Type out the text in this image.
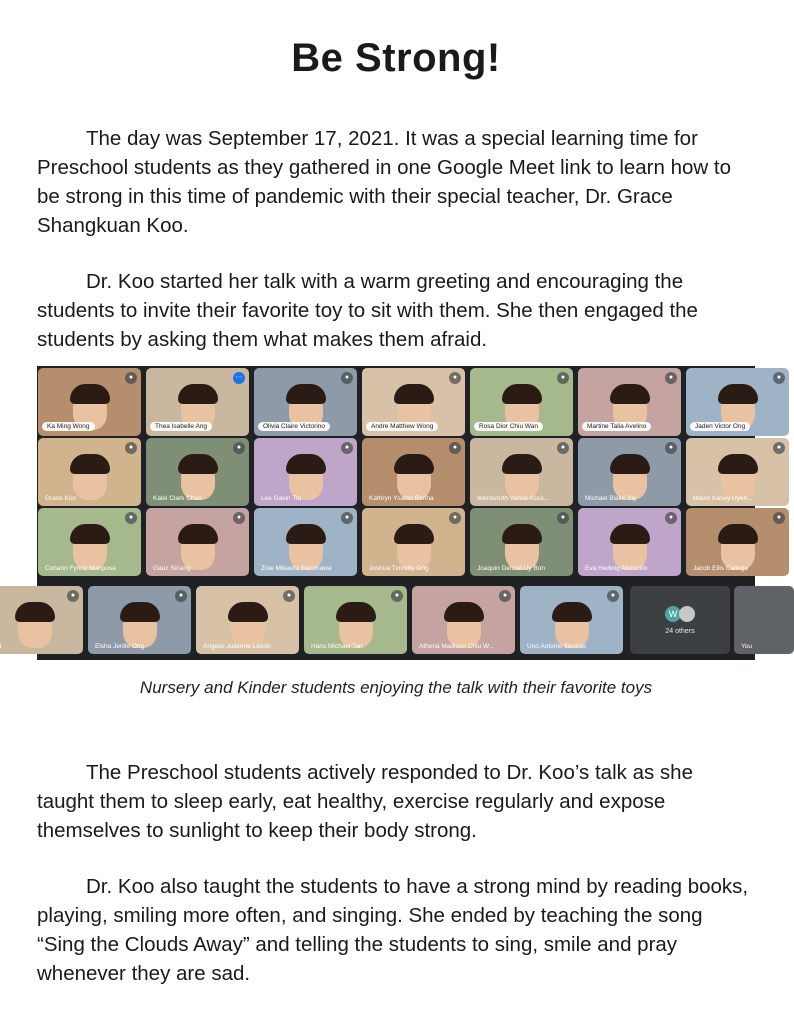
Be Strong!

The day was September 17, 2021. It was a special learning time for Preschool students as they gathered in one Google Meet link to learn how to be strong in this time of pandemic with their special teacher, Dr. Grace Shangkuan Koo.

Dr. Koo started her talk with a warm greeting and encouraging the students to invite their favorite toy to sit with them. She then engaged the students by asking them what makes them afraid.

Ka Ming Wong
●
Thea Isabelle Ang
⋯
Olivia Claire Victorino
●
Andre Matthew Wong
●
Rosa Dior Chiu Wan
●
Martine Talia Avelino
●
Jaden Victor Ong
●
Grace Koo
●
Kalel Clark Chan
●
Lee Gavin Tiu
●
Kathryn Ysabel Berina
●
Wentworth Vance Acca...
●
Michael Blake Siy
●
Mavin Kasey Uyen...
●
Cohann Fynnz Mariposa
●
Gauz Siriang
●
Zoie Mikaella Baconawa
●
Joshua Timothy Ong
●
Joaquin Denzel Uy Bon
●
Eva Hedwig Abencillo
●
Jacob Ellis Calinga
●
●
Elsha Jerille Ong
●
Angelie Julienne Laorlo
●
Hans Michael Tan
●
Athena Madison Chiu W...
●
Uno Antonio Illesoas
●
W
24 others
You

Nursery and Kinder students enjoying the talk with their favorite toys

The Preschool students actively responded to Dr. Koo’s talk as she taught them to sleep early, eat healthy, exercise regularly and expose themselves to sunlight to keep their body strong.

Dr. Koo also taught the students to have a strong mind by reading books, playing, smiling more often, and singing. She ended by teaching the song “Sing the Clouds Away” and telling the students to sing, smile and pray whenever they are sad.
